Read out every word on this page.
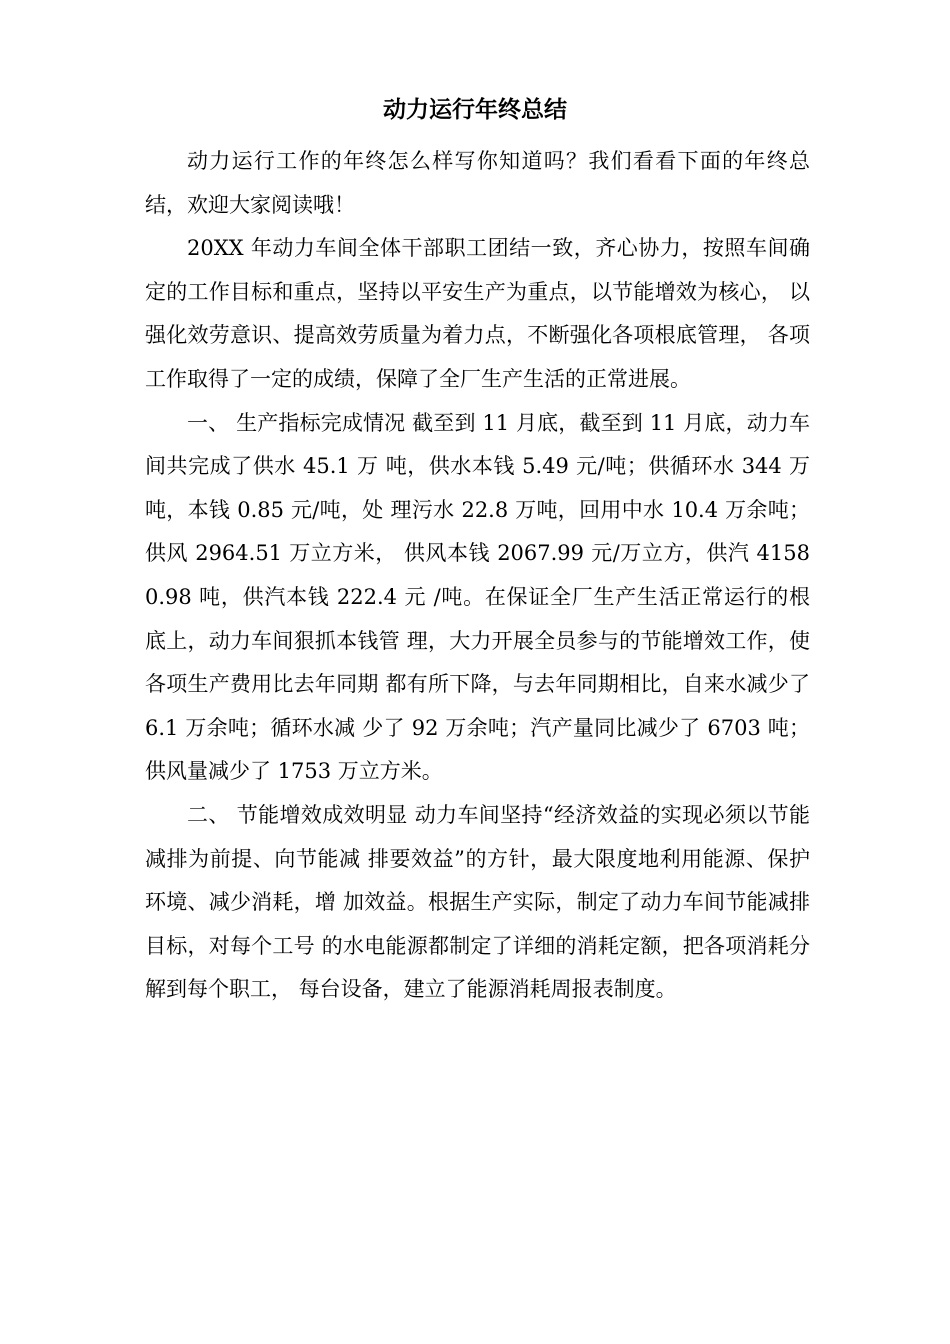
动力运行年终总结

动力运行工作的年终怎么样写你知道吗？我们看看下面的年终总结，欢迎大家阅读哦！

20XX 年动力车间全体干部职工团结一致，齐心协力，按照车间确 定的工作目标和重点，坚持以平安生产为重点，以节能增效为核心， 以强化效劳意识、提高效劳质量为着力点，不断强化各项根底管理， 各项工作取得了一定的成绩，保障了全厂生产生活的正常进展。

一、 生产指标完成情况 截至到 11 月底，截至到 11 月底，动力车间共完成了供水 45.1 万 吨，供水本钱 5.49 元/吨；供循环水 344 万吨，本钱 0.85 元/吨，处 理污水 22.8 万吨，回用中水 10.4 万余吨；供风 2964.51 万立方米， 供风本钱 2067.99 元/万立方，供汽 41580.98 吨，供汽本钱 222.4 元 /吨。在保证全厂生产生活正常运行的根底上，动力车间狠抓本钱管 理，大力开展全员参与的节能增效工作，使各项生产费用比去年同期 都有所下降，与去年同期相比，自来水减少了 6.1 万余吨；循环水减 少了 92 万余吨；汽产量同比减少了 6703 吨；供风量减少了 1753 万立方米。

二、 节能增效成效明显 动力车间坚持“经济效益的实现必须以节能减排为前提、向节能减 排要效益”的方针，最大限度地利用能源、保护环境、减少消耗，增 加效益。根据生产实际，制定了动力车间节能减排目标，对每个工号 的水电能源都制定了详细的消耗定额，把各项消耗分解到每个职工， 每台设备，建立了能源消耗周报表制度。
